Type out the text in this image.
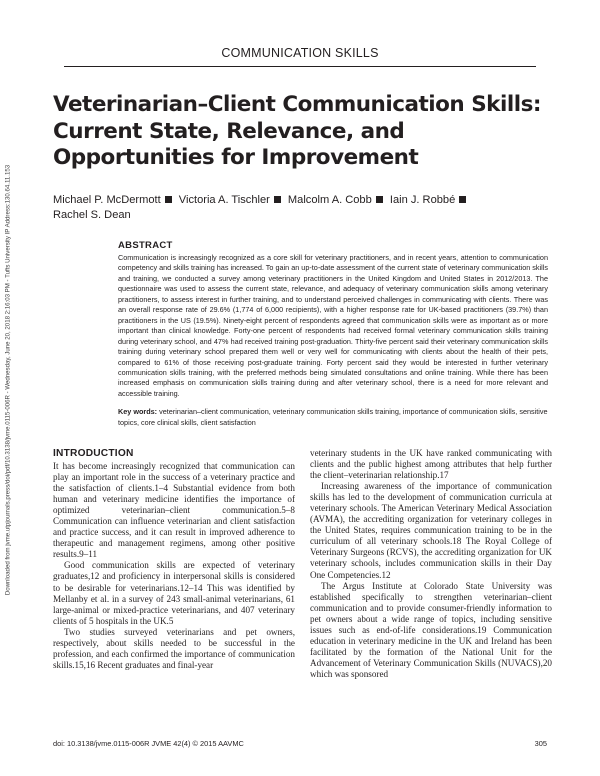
Downloaded from jvme.utpjournals.press/doi/pdf/10.3138/jvme.0115-006R - Wednesday, June 20, 2018 2:16:03 PM - Tufts University IP Address:130.64.11.153
COMMUNICATION SKILLS
Veterinarian–Client Communication Skills: Current State, Relevance, and Opportunities for Improvement
Michael P. McDermott Victoria A. Tischler Malcolm A. Cobb Iain J. Robbé
Rachel S. Dean
ABSTRACT

Communication is increasingly recognized as a core skill for veterinary practitioners, and in recent years, attention to communication competency and skills training has increased. To gain an up-to-date assessment of the current state of veterinary communication skills and training, we conducted a survey among veterinary practitioners in the United Kingdom and United States in 2012/2013. The questionnaire was used to assess the current state, relevance, and adequacy of veterinary communication skills among veterinary practitioners, to assess interest in further training, and to understand perceived challenges in communicating with clients. There was an overall response rate of 29.6% (1,774 of 6,000 recipients), with a higher response rate for UK-based practitioners (39.7%) than practitioners in the US (19.5%). Ninety-eight percent of respondents agreed that communication skills were as important as or more important than clinical knowledge. Forty-one percent of respondents had received formal veterinary communication skills training during veterinary school, and 47% had received training post-graduation. Thirty-five percent said their veterinary communication skills training during veterinary school prepared them well or very well for communicating with clients about the health of their pets, compared to 61% of those receiving post-graduate training. Forty percent said they would be interested in further veterinary communication skills training, with the preferred methods being simulated consultations and online training. While there has been increased emphasis on communication skills training during and after veterinary school, there is a need for more relevant and accessible training.

Key words: veterinarian–client communication, veterinary communication skills training, importance of communication skills, sensitive topics, core clinical skills, client satisfaction
INTRODUCTION

It has become increasingly recognized that communication can play an important role in the success of a veterinary practice and the satisfaction of clients.1–4 Substantial evidence from both human and veterinary medicine identifies the importance of optimized veterinarian–client communication.5–8 Communication can influence veterinarian and client satisfaction and practice success, and it can result in improved adherence to therapeutic and management regimens, among other positive results.9–11

Good communication skills are expected of veterinary graduates,12 and proficiency in interpersonal skills is considered to be desirable for veterinarians.12–14 This was identified by Mellanby et al. in a survey of 243 small-animal veterinarians, 61 large-animal or mixed-practice veterinarians, and 407 veterinary clients of 5 hospitals in the UK.5

Two studies surveyed veterinarians and pet owners, respectively, about skills needed to be successful in the profession, and each confirmed the importance of communication skills.15,16 Recent graduates and final-year

veterinary students in the UK have ranked communicating with clients and the public highest among attributes that help further the client–veterinarian relationship.17

Increasing awareness of the importance of communication skills has led to the development of communication curricula at veterinary schools. The American Veterinary Medical Association (AVMA), the accrediting organization for veterinary colleges in the United States, requires communication training to be in the curriculum of all veterinary schools.18 The Royal College of Veterinary Surgeons (RCVS), the accrediting organization for UK veterinary schools, includes communication skills in their Day One Competencies.12

The Argus Institute at Colorado State University was established specifically to strengthen veterinarian–client communication and to provide consumer-friendly information to pet owners about a wide range of topics, including sensitive issues such as end-of-life considerations.19 Communication education in veterinary medicine in the UK and Ireland has been facilitated by the formation of the National Unit for the Advancement of Veterinary Communication Skills (NUVACS),20 which was sponsored

doi: 10.3138/jvme.0115-006R JVME 42(4) © 2015 AAVMC	305
